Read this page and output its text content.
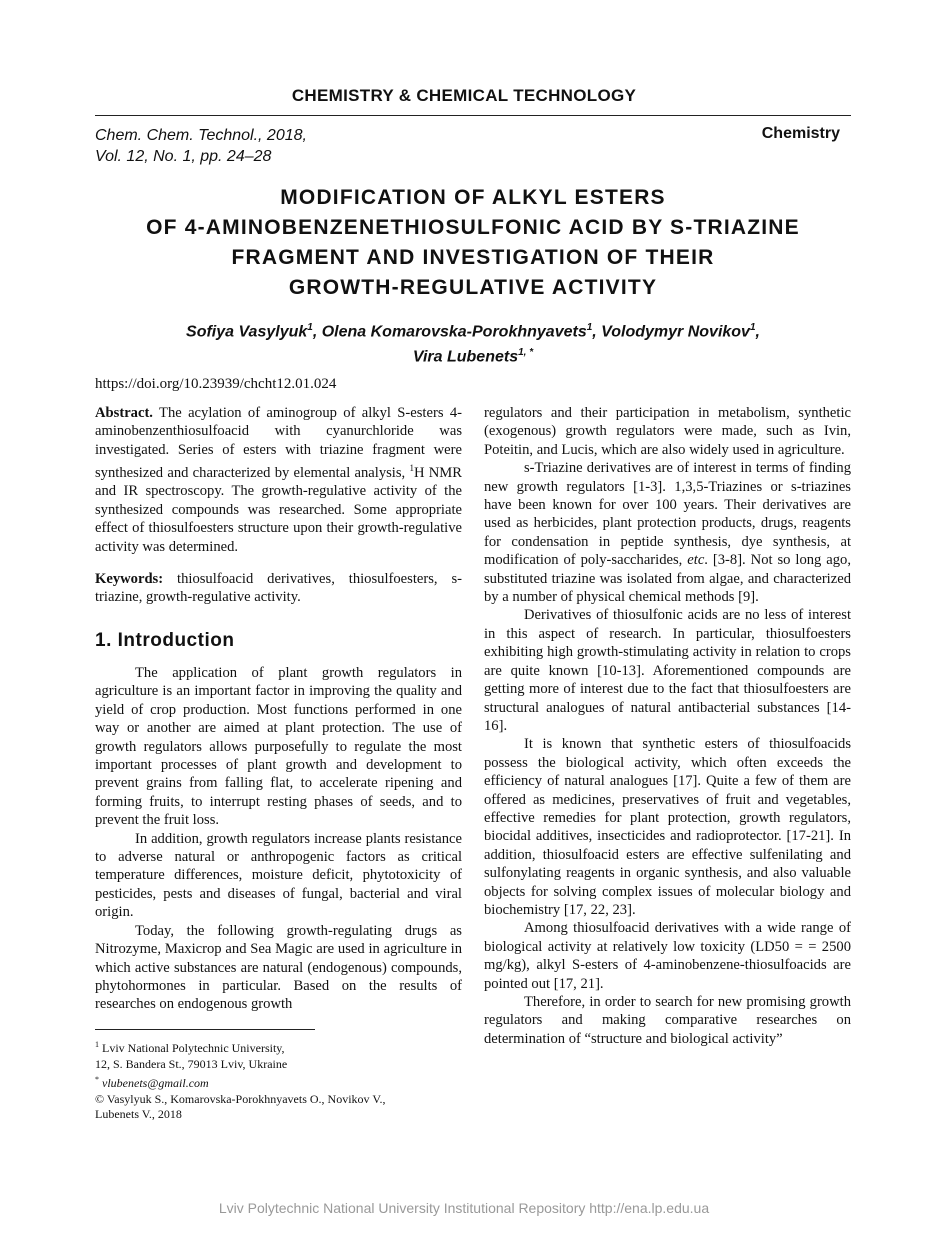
CHEMISTRY & CHEMICAL TECHNOLOGY
Chem. Chem. Technol., 2018,
Vol. 12, No. 1, pp. 24–28
Chemistry
MODIFICATION OF ALKYL ESTERS
OF 4-AMINOBENZENETHIOSULFONIC ACID BY S-TRIAZINE
FRAGMENT AND INVESTIGATION OF THEIR
GROWTH-REGULATIVE ACTIVITY
Sofiya Vasylyuk$^1$, Olena Komarovska-Porokhnyavets$^1$, Volodymyr Novikov$^1$,
Vira Lubenets$^{1, *}$
https://doi.org/10.23939/chcht12.01.024

Abstract. The acylation of aminogroup of alkyl S-esters 4-aminobenzenthiosulfoacid with cyanurchloride was investigated. Series of esters with triazine fragment were synthesized and characterized by elemental analysis, $^1$H NMR and IR spectroscopy. The growth-regulative activity of the synthesized compounds was researched. Some appropriate effect of thiosulfoesters structure upon their growth-regulative activity was determined.

Keywords: thiosulfoacid derivatives, thiosulfoesters, s-triazine, growth-regulative activity.

1. Introduction

The application of plant growth regulators in agriculture is an important factor in improving the quality and yield of crop production. Most functions performed in one way or another are aimed at plant protection. The use of growth regulators allows purposefully to regulate the most important processes of plant growth and development to prevent grains from falling flat, to accelerate ripening and forming fruits, to interrupt resting phases of seeds, and to prevent the fruit loss.

In addition, growth regulators increase plants resistance to adverse natural or anthropogenic factors as critical temperature differences, moisture deficit, phytotoxicity of pesticides, pests and diseases of fungal, bacterial and viral origin.

Today, the following growth-regulating drugs as Nitrozyme, Maxicrop and Sea Magic are used in agriculture in which active substances are natural (endogenous) compounds, phytohormones in particular. Based on the results of researches on endogenous growth

regulators and their participation in metabolism, synthetic (exogenous) growth regulators were made, such as Ivin, Poteitin, and Lucis, which are also widely used in agriculture.

s-Triazine derivatives are of interest in terms of finding new growth regulators [1-3]. 1,3,5-Triazines or s-triazines have been known for over 100 years. Their derivatives are used as herbicides, plant protection products, drugs, reagents for condensation in peptide synthesis, dye synthesis, at modification of poly-saccharides, etc. [3-8]. Not so long ago, substituted triazine was isolated from algae, and characterized by a number of physical chemical methods [9].

Derivatives of thiosulfonic acids are no less of interest in this aspect of research. In particular, thiosulfoesters exhibiting high growth-stimulating activity in relation to crops are quite known [10-13]. Aforementioned compounds are getting more of interest due to the fact that thiosulfoesters are structural analogues of natural antibacterial substances [14-16].

It is known that synthetic esters of thiosulfoacids possess the biological activity, which often exceeds the efficiency of natural analogues [17]. Quite a few of them are offered as medicines, preservatives of fruit and vegetables, effective remedies for plant protection, growth regulators, biocidal additives, insecticides and radioprotector. [17-21]. In addition, thiosulfoacid esters are effective sulfenilating and sulfonylating reagents in organic synthesis, and also valuable objects for solving complex issues of molecular biology and biochemistry [17, 22, 23].

Among thiosulfoacid derivatives with a wide range of biological activity at relatively low toxicity (LD50 = = 2500 mg/kg), alkyl S-esters of 4-aminobenzene-thiosulfoacids are pointed out [17, 21].

Therefore, in order to search for new promising growth regulators and making comparative researches on determination of “structure and biological activity”

$^1$ Lviv National Polytechnic University,
12, S. Bandera St., 79013 Lviv, Ukraine
* vlubenets@gmail.com
© Vasylyuk S., Komarovska-Porokhnyavets O., Novikov V.,
Lubenets V., 2018
Lviv Polytechnic National University Institutional Repository http://ena.lp.edu.ua
